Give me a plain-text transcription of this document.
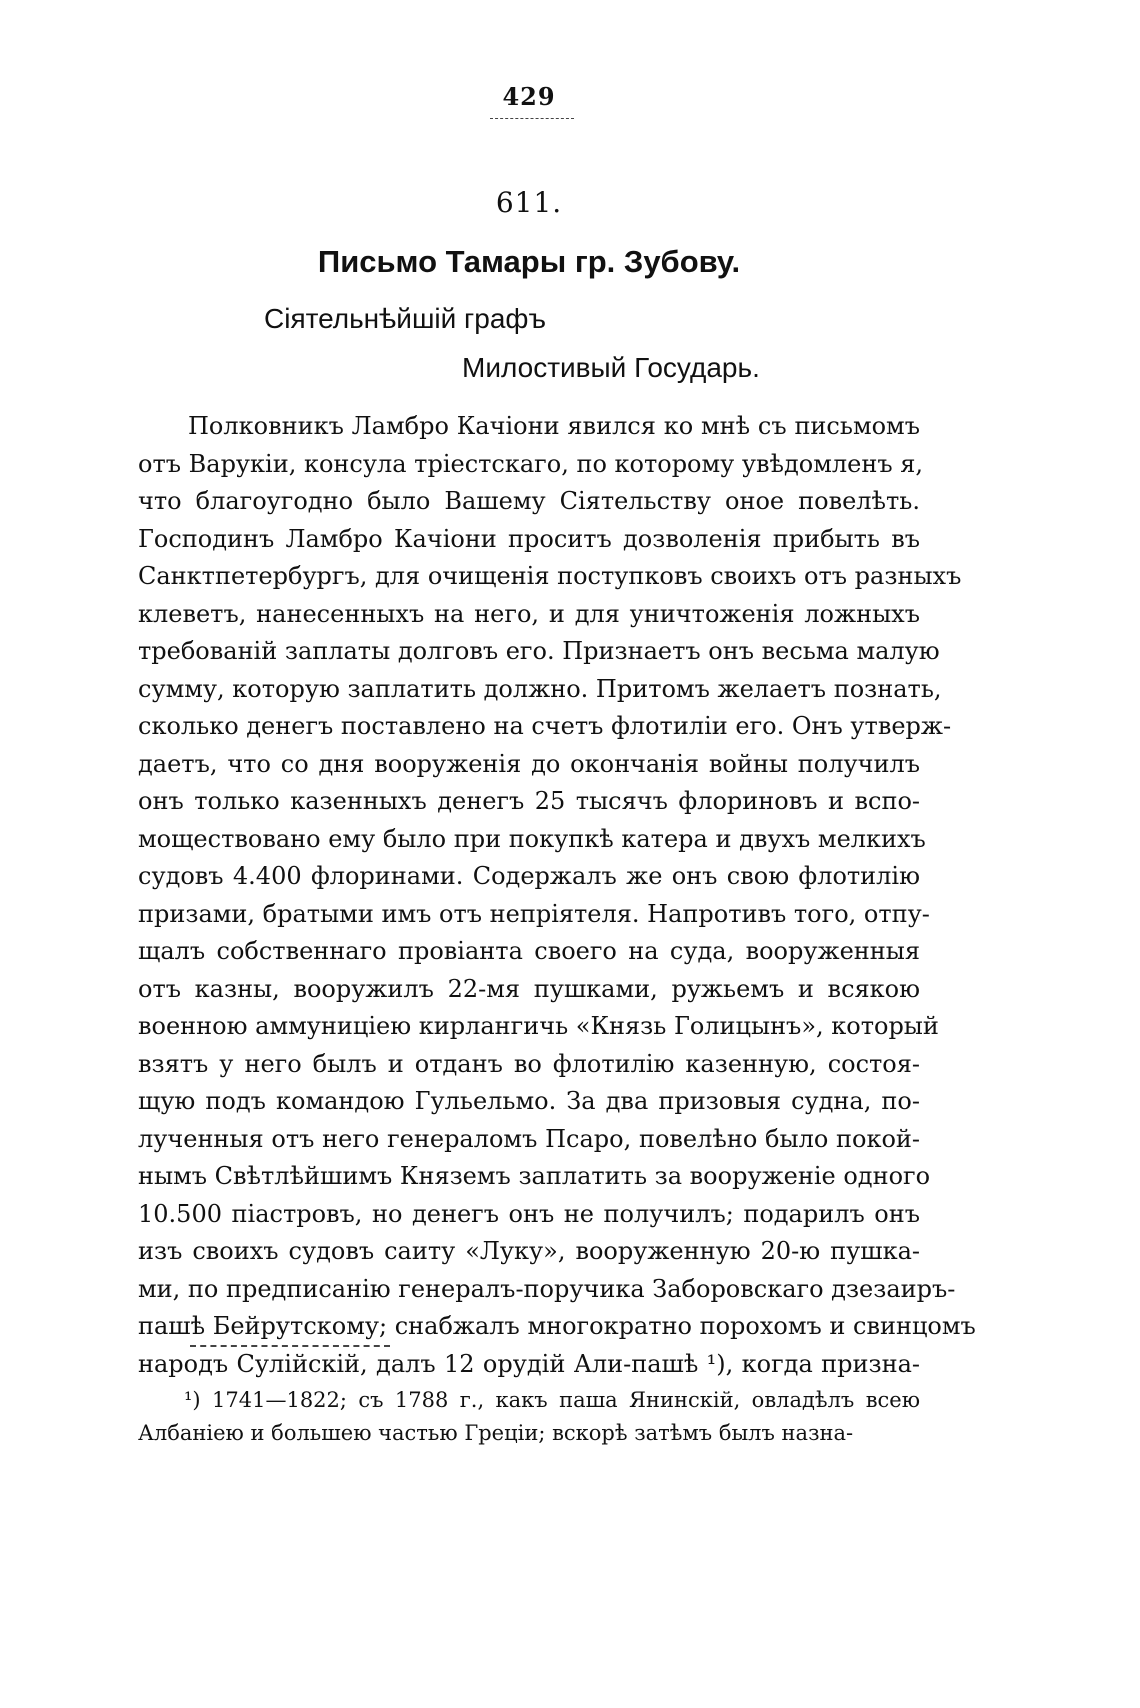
429
611.
Письмо Тамары гр. Зубову.
Сіятельнѣйшій графъ
Милостивый Государь.
Полковникъ Ламбро Качіони явился ко мнѣ съ письмомъ
отъ Варукіи, консула тріестскаго, по которому увѣдомленъ я,
что благоугодно было Вашему Сіятельству оное повелѣть.
Господинъ Ламбро Качіони проситъ дозволенія прибыть въ
Санктпетербургъ, для очищенія поступковъ своихъ отъ разныхъ
клеветъ, нанесенныхъ на него, и для уничтоженія ложныхъ
требованій заплаты долговъ его. Признаетъ онъ весьма малую
сумму, которую заплатить должно. Притомъ желаетъ познать,
сколько денегъ поставлено на счетъ флотиліи его. Онъ утверж-
даетъ, что со дня вооруженія до окончанія войны получилъ
онъ только казенныхъ денегъ 25 тысячъ флориновъ и вспо-
моществовано ему было при покупкѣ катера и двухъ мелкихъ
судовъ 4.400 флоринами. Содержалъ же онъ свою флотилію
призами, братыми имъ отъ непріятеля. Напротивъ того, отпу-
щалъ собственнаго провіанта своего на суда, вооруженныя
отъ казны, вооружилъ 22-мя пушками, ружьемъ и всякою
военною аммуниціею кирлангичь «Князь Голицынъ», который
взятъ у него былъ и отданъ во флотилію казенную, состоя-
щую подъ командою Гульельмо. За два призовыя судна, по-
лученныя отъ него генераломъ Псаро, повелѣно было покой-
нымъ Свѣтлѣйшимъ Княземъ заплатить за вооруженіе одного
10.500 піастровъ, но денегъ онъ не получилъ; подарилъ онъ
изъ своихъ судовъ саиту «Луку», вооруженную 20-ю пушка-
ми, по предписанію генералъ-поручика Заборовскаго дзезаиръ-
пашѣ Бейрутскому; снабжалъ многократно порохомъ и свинцомъ
народъ Сулійскій, далъ 12 орудій Али-пашѣ ¹), когда призна-
¹) 1741—1822; съ 1788 г., какъ паша Янинскій, овладѣлъ всею
Албаніею и большею частью Греціи; вскорѣ затѣмъ былъ назна-
